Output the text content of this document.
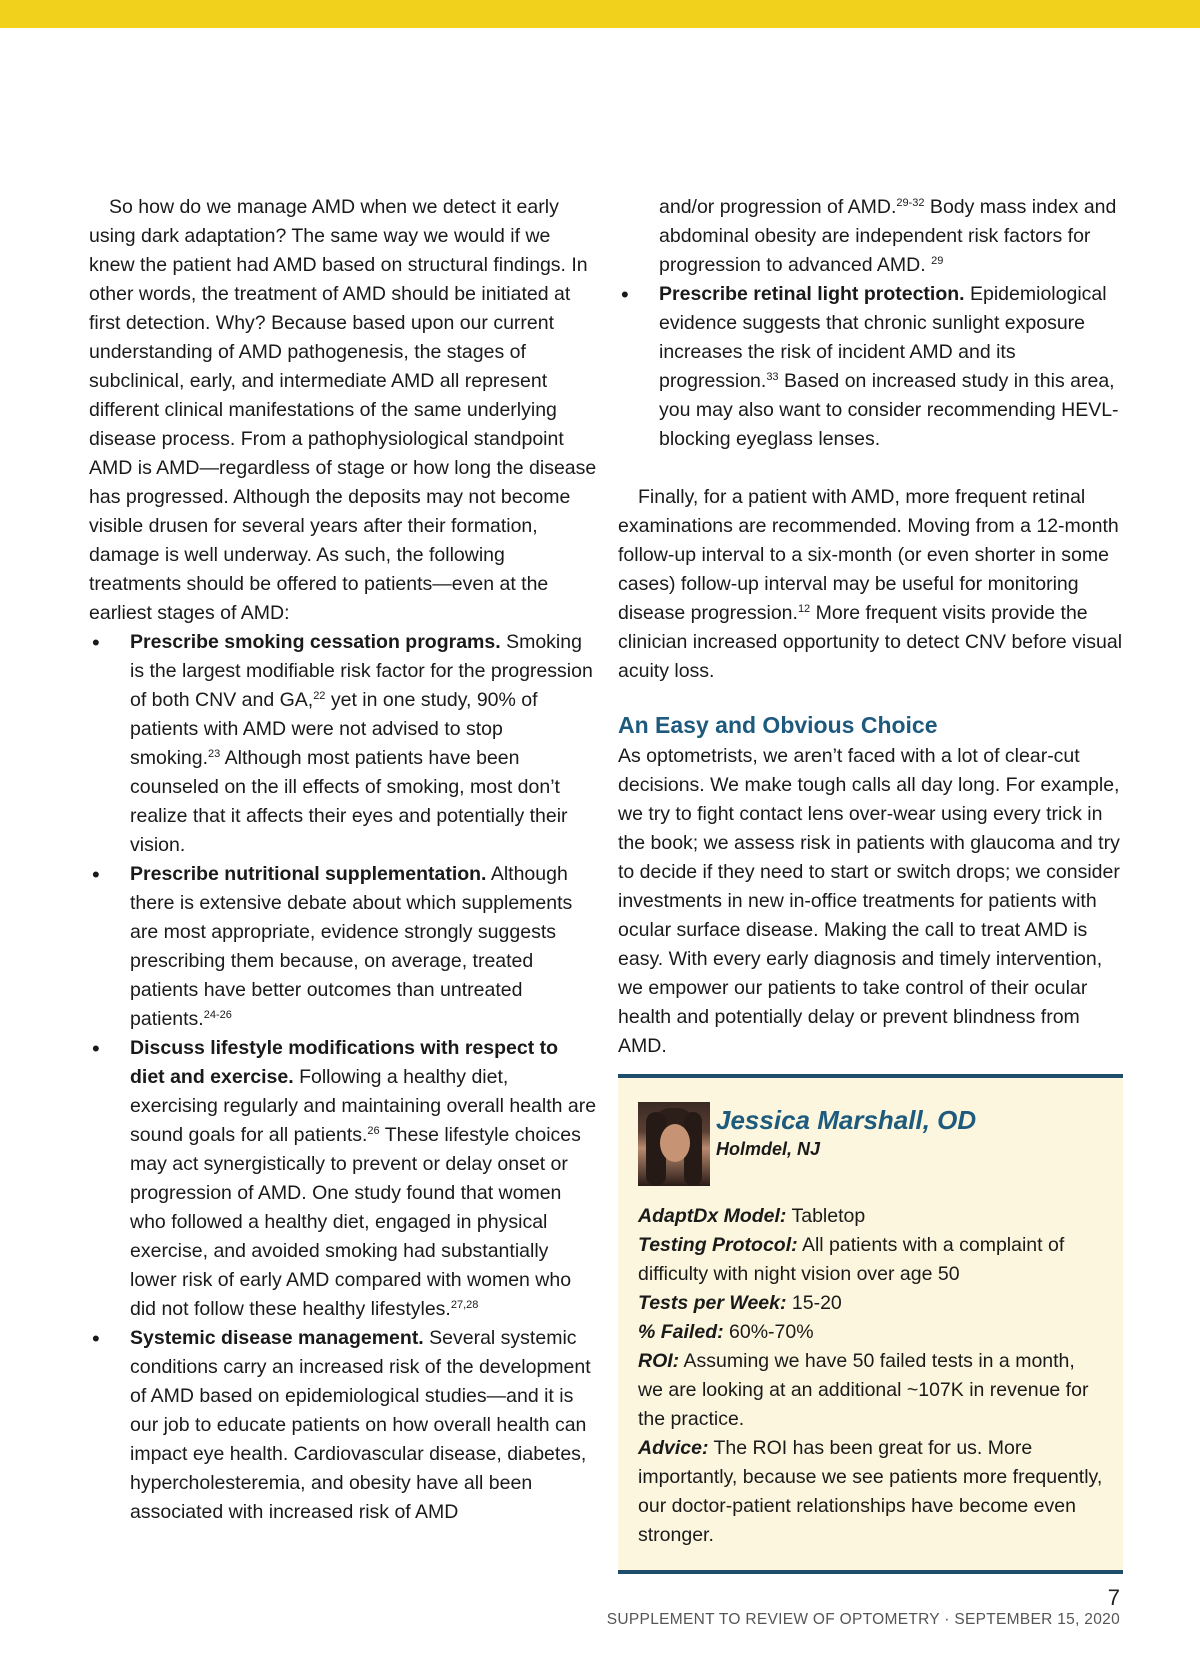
So how do we manage AMD when we detect it early using dark adaptation? The same way we would if we knew the patient had AMD based on structural findings. In other words, the treatment of AMD should be initiated at first detection. Why? Because based upon our current understanding of AMD pathogenesis, the stages of subclinical, early, and intermediate AMD all represent different clinical manifestations of the same underlying disease process. From a pathophysiological standpoint AMD is AMD—regardless of stage or how long the disease has progressed. Although the deposits may not become visible drusen for several years after their formation, damage is well underway. As such, the following treatments should be offered to patients—even at the earliest stages of AMD:

• Prescribe smoking cessation programs. Smoking is the largest modifiable risk factor for the progression of both CNV and GA,$^{22}$ yet in one study, 90% of patients with AMD were not advised to stop smoking.$^{23}$ Although most patients have been counseled on the ill effects of smoking, most don’t realize that it affects their eyes and potentially their vision.
• Prescribe nutritional supplementation. Although there is extensive debate about which supplements are most appropriate, evidence strongly suggests prescribing them because, on average, treated patients have better outcomes than untreated patients.$^{24-26}$
• Discuss lifestyle modifications with respect to diet and exercise. Following a healthy diet, exercising regularly and maintaining overall health are sound goals for all patients.$^{26}$ These lifestyle choices may act synergistically to prevent or delay onset or progression of AMD. One study found that women who followed a healthy diet, engaged in physical exercise, and avoided smoking had substantially lower risk of early AMD compared with women who did not follow these healthy lifestyles.$^{27,28}$
• Systemic disease management. Several systemic conditions carry an increased risk of the development of AMD based on epidemiological studies—and it is our job to educate patients on how overall health can impact eye health. Cardiovascular disease, diabetes, hypercholesteremia, and obesity have all been associated with increased risk of AMD

and/or progression of AMD.$^{29-32}$ Body mass index and abdominal obesity are independent risk factors for progression to advanced AMD. $^{29}$

• Prescribe retinal light protection. Epidemiological evidence suggests that chronic sunlight exposure increases the risk of incident AMD and its progression.$^{33}$ Based on increased study in this area, you may also want to consider recommending HEVL-blocking eyeglass lenses.

Finally, for a patient with AMD, more frequent retinal examinations are recommended. Moving from a 12-month follow-up interval to a six-month (or even shorter in some cases) follow-up interval may be useful for monitoring disease progression.$^{12}$ More frequent visits provide the clinician increased opportunity to detect CNV before visual acuity loss.

An Easy and Obvious Choice

As optometrists, we aren’t faced with a lot of clear-cut decisions. We make tough calls all day long. For example, we try to fight contact lens over-wear using every trick in the book; we assess risk in patients with glaucoma and try to decide if they need to start or switch drops; we consider investments in new in-office treatments for patients with ocular surface disease. Making the call to treat AMD is easy. With every early diagnosis and timely intervention, we empower our patients to take control of their ocular health and potentially delay or prevent blindness from AMD.

Jessica Marshall, OD
Holmdel, NJ

AdaptDx Model: Tabletop

Testing Protocol: All patients with a complaint of difficulty with night vision over age 50

Tests per Week: 15-20

% Failed: 60%-70%

ROI: Assuming we have 50 failed tests in a month, we are looking at an additional ~107K in revenue for the practice.

Advice: The ROI has been great for us. More importantly, because we see patients more frequently, our doctor-patient relationships have become even stronger.

7
SUPPLEMENT TO REVIEW OF OPTOMETRY · SEPTEMBER 15, 2020
